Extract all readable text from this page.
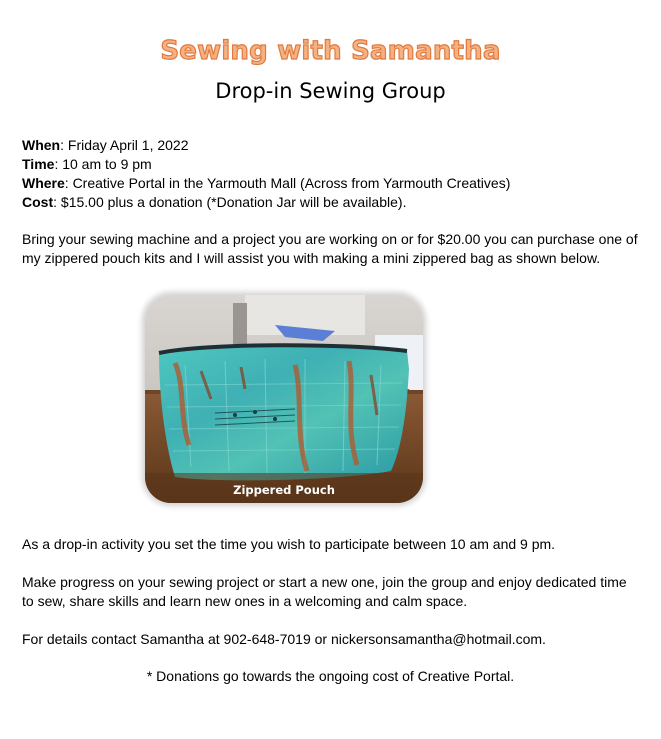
Sewing with Samantha
Drop-in Sewing Group
When: Friday April 1, 2022
Time: 10 am to 9 pm
Where: Creative Portal in the Yarmouth Mall (Across from Yarmouth Creatives)
Cost: $15.00 plus a donation (*Donation Jar will be available).
Bring your sewing machine and a project you are working on or for $20.00 you can purchase one of my zippered pouch kits and I will assist you with making a mini zippered bag as shown below.
Zippered Pouch
As a drop-in activity you set the time you wish to participate between 10 am and 9 pm.
Make progress on your sewing project or start a new one, join the group and enjoy dedicated time to sew, share skills and learn new ones in a welcoming and calm space.
For details contact Samantha at 902-648-7019 or nickersonsamantha@hotmail.com.
* Donations go towards the ongoing cost of Creative Portal.
